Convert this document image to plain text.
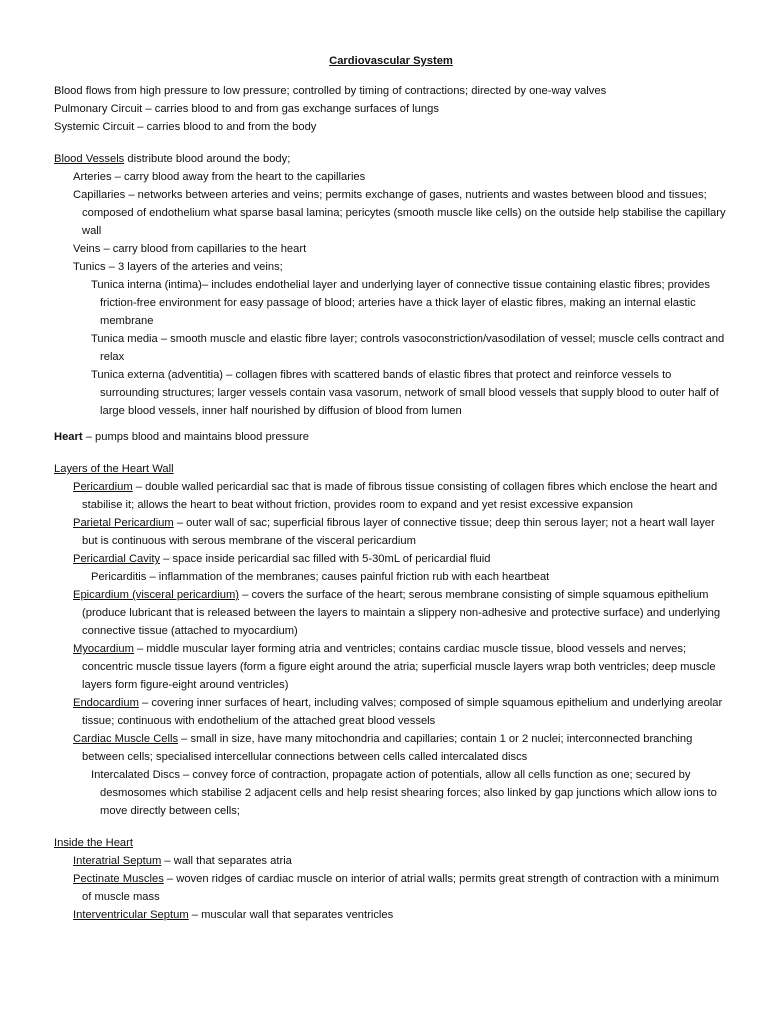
Cardiovascular System

Blood flows from high pressure to low pressure; controlled by timing of contractions; directed by one-way valves

Pulmonary Circuit – carries blood to and from gas exchange surfaces of lungs

Systemic Circuit – carries blood to and from the body

Blood Vessels distribute blood around the body;

Arteries – carry blood away from the heart to the capillaries

Capillaries – networks between arteries and veins; permits exchange of gases, nutrients and wastes between blood and tissues; composed of endothelium what sparse basal lamina; pericytes (smooth muscle like cells) on the outside help stabilise the capillary wall

Veins – carry blood from capillaries to the heart

Tunics – 3 layers of the arteries and veins;

Tunica interna (intima)– includes endothelial layer and underlying layer of connective tissue containing elastic fibres; provides friction-free environment for easy passage of blood; arteries have a thick layer of elastic fibres, making an internal elastic membrane

Tunica media – smooth muscle and elastic fibre layer; controls vasoconstriction/vasodilation of vessel; muscle cells contract and relax

Tunica externa (adventitia) – collagen fibres with scattered bands of elastic fibres that protect and reinforce vessels to surrounding structures; larger vessels contain vasa vasorum, network of small blood vessels that supply blood to outer half of large blood vessels, inner half nourished by diffusion of blood from lumen

Heart – pumps blood and maintains blood pressure

Layers of the Heart Wall

Pericardium – double walled pericardial sac that is made of fibrous tissue consisting of collagen fibres which enclose the heart and stabilise it; allows the heart to beat without friction, provides room to expand and yet resist excessive expansion

Parietal Pericardium – outer wall of sac; superficial fibrous layer of connective tissue; deep thin serous layer; not a heart wall layer but is continuous with serous membrane of the visceral pericardium

Pericardial Cavity – space inside pericardial sac filled with 5-30mL of pericardial fluid

Pericarditis – inflammation of the membranes; causes painful friction rub with each heartbeat

Epicardium (visceral pericardium) – covers the surface of the heart; serous membrane consisting of simple squamous epithelium (produce lubricant that is released between the layers to maintain a slippery non-adhesive and protective surface) and underlying connective tissue (attached to myocardium)

Myocardium – middle muscular layer forming atria and ventricles; contains cardiac muscle tissue, blood vessels and nerves; concentric muscle tissue layers (form a figure eight around the atria; superficial muscle layers wrap both ventricles; deep muscle layers form figure-eight around ventricles)

Endocardium – covering inner surfaces of heart, including valves; composed of simple squamous epithelium and underlying areolar tissue; continuous with endothelium of the attached great blood vessels

Cardiac Muscle Cells – small in size, have many mitochondria and capillaries; contain 1 or 2 nuclei; interconnected branching between cells; specialised intercellular connections between cells called intercalated discs

Intercalated Discs – convey force of contraction, propagate action of potentials, allow all cells function as one; secured by desmosomes which stabilise 2 adjacent cells and help resist shearing forces; also linked by gap junctions which allow ions to move directly between cells;

Inside the Heart

Interatrial Septum – wall that separates atria

Pectinate Muscles – woven ridges of cardiac muscle on interior of atrial walls; permits great strength of contraction with a minimum of muscle mass

Interventricular Septum – muscular wall that separates ventricles
